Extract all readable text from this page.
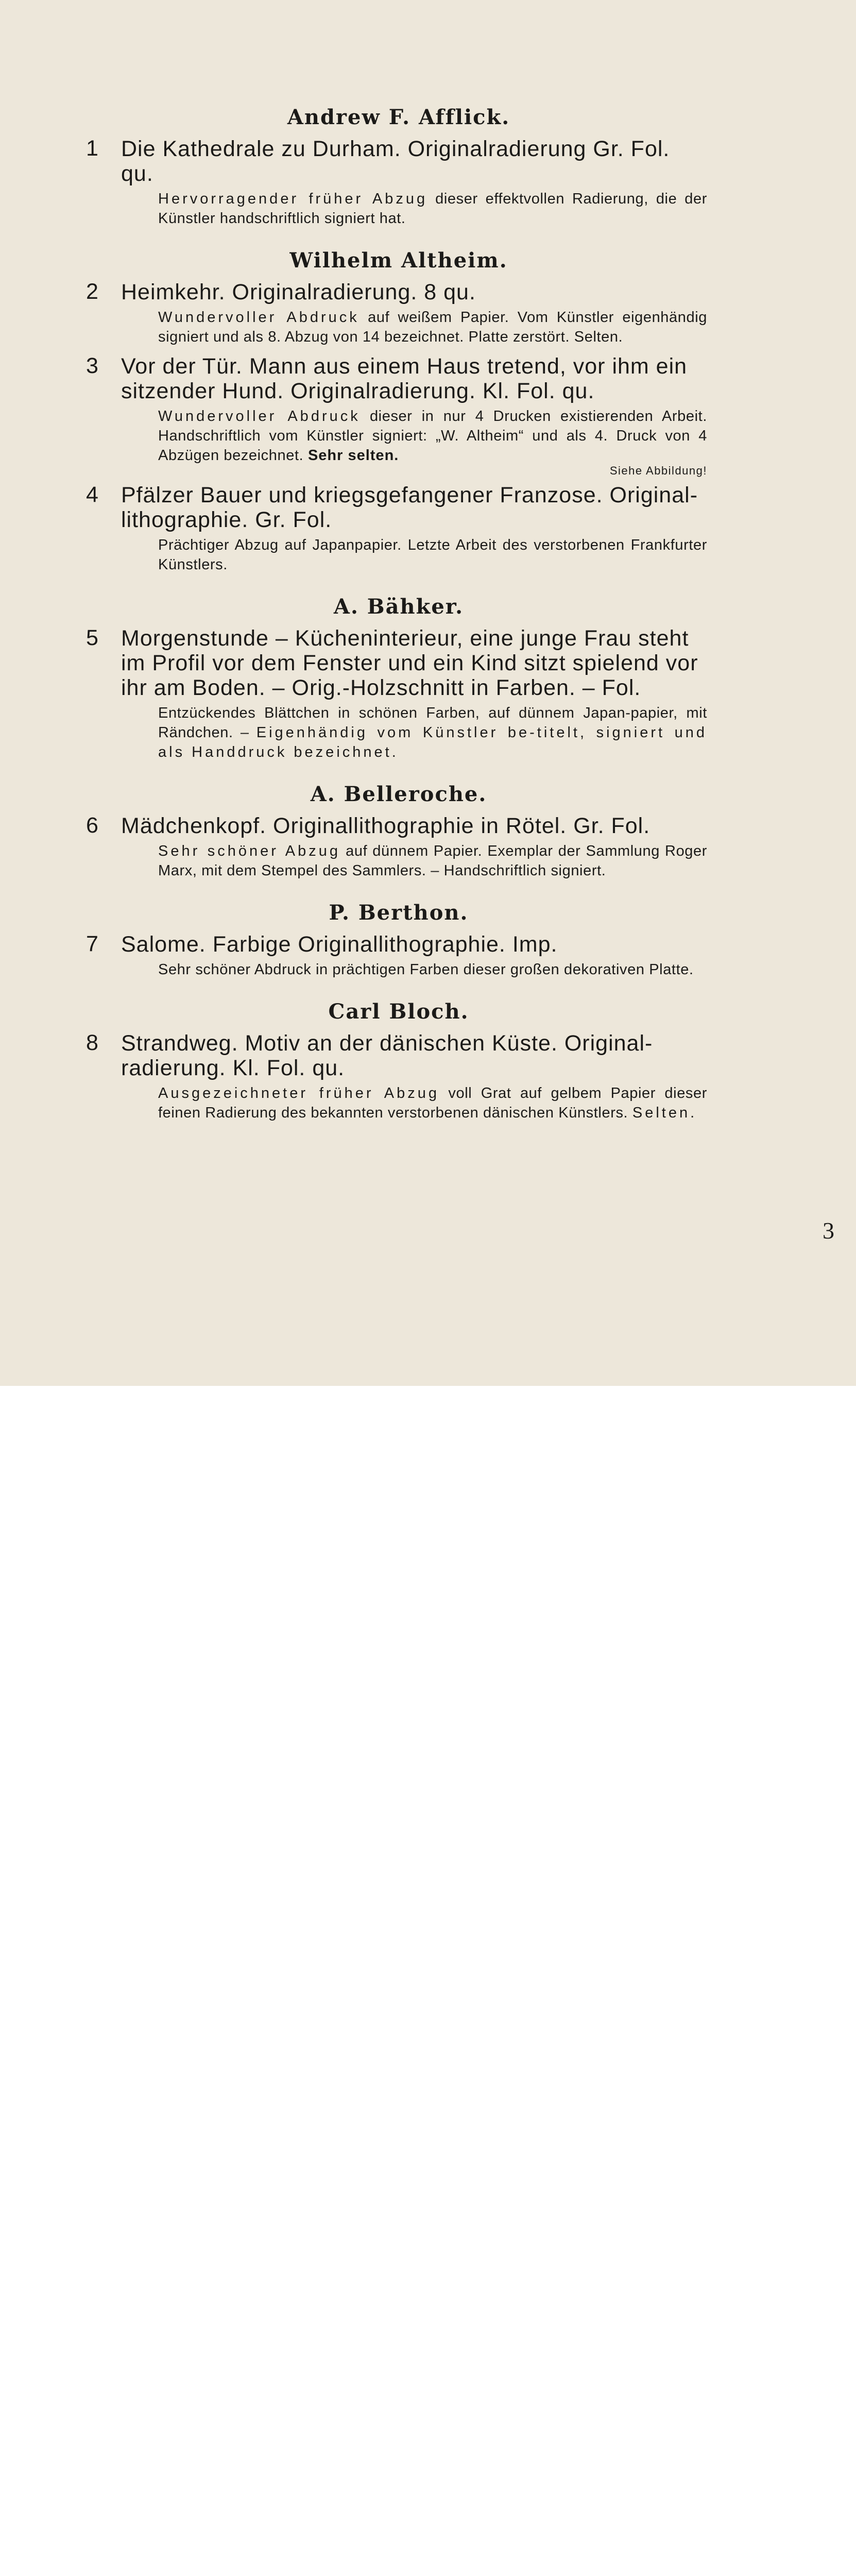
Andrew F. Afflick.
1 Die Kathedrale zu Durham. Originalradierung Gr. Fol. qu.

Hervorragender früher Abzug dieser effektvollen Radierung, die der Künstler handschriftlich signiert hat.

Wilhelm Altheim.
2 Heimkehr. Originalradierung. 8 qu.

Wundervoller Abdruck auf weißem Papier. Vom Künstler eigenhändig signiert und als 8. Abzug von 14 bezeichnet. Platte zerstört. Selten.

3 Vor der Tür. Mann aus einem Haus tretend, vor ihm ein sitzender Hund. Originalradierung. Kl. Fol. qu.

Wundervoller Abdruck dieser in nur 4 Drucken existierenden Arbeit. Handschriftlich vom Künstler signiert: „W. Altheim“ und als 4. Druck von 4 Abzügen bezeichnet. Sehr selten.

Siehe Abbildung!

4 Pfälzer Bauer und kriegsgefangener Franzose. Original-lithographie. Gr. Fol.

Prächtiger Abzug auf Japanpapier. Letzte Arbeit des verstorbenen Frankfurter Künstlers.

A. Bähker.
5 Morgenstunde – Kücheninterieur, eine junge Frau steht im Profil vor dem Fenster und ein Kind sitzt spielend vor ihr am Boden. – Orig.-Holzschnitt in Farben. – Fol.

Entzückendes Blättchen in schönen Farben, auf dünnem Japan-papier, mit Rändchen. – Eigenhändig vom Künstler be-titelt, signiert und als Handdruck bezeichnet.

A. Belleroche.
6 Mädchenkopf. Originallithographie in Rötel. Gr. Fol.

Sehr schöner Abzug auf dünnem Papier. Exemplar der Sammlung Roger Marx, mit dem Stempel des Sammlers. – Handschriftlich signiert.

P. Berthon.
7 Salome. Farbige Originallithographie. Imp.

Sehr schöner Abdruck in prächtigen Farben dieser großen dekorativen Platte.

Carl Bloch.
8 Strandweg. Motiv an der dänischen Küste. Original-radierung. Kl. Fol. qu.

Ausgezeichneter früher Abzug voll Grat auf gelbem Papier dieser feinen Radierung des bekannten verstorbenen dänischen Künstlers. Selten.

3
